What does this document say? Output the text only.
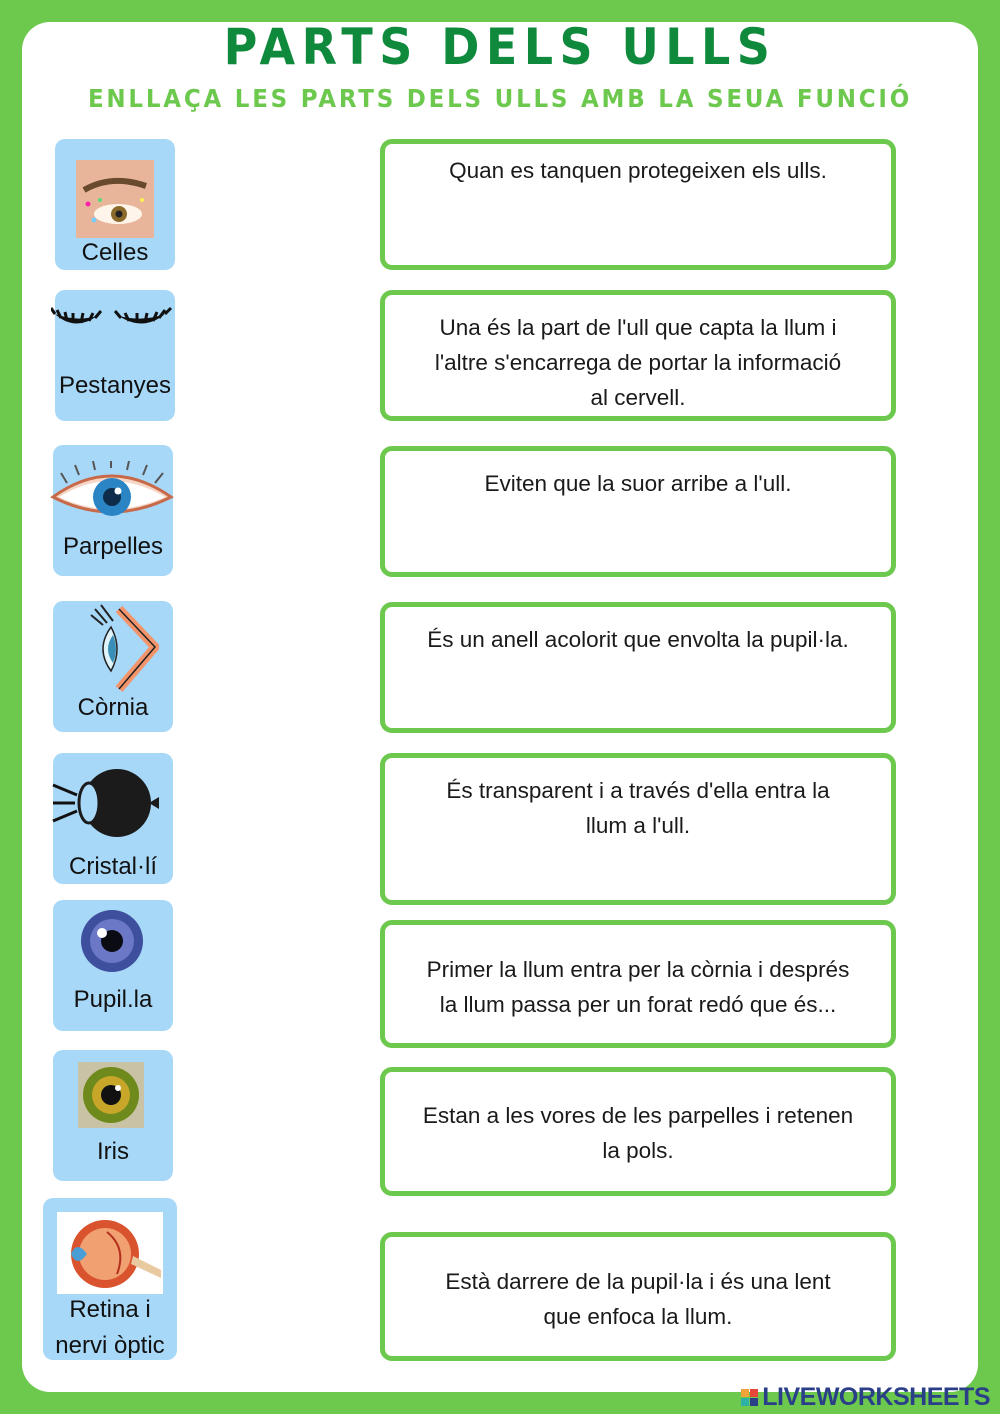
PARTS DELS ULLS
ENLLAÇA LES PARTS DELS ULLS AMB LA SEUA FUNCIÓ
Celles
Pestanyes
Parpelles
Còrnia
Cristal·lí
Pupil.la
Iris
Retina i
nervi òptic
Quan es tanquen protegeixen els ulls.
Una és la part de l'ull que capta la llum i
l'altre s'encarrega de portar la informació
al cervell.
Eviten que la suor arribe a l'ull.
És un anell acolorit que envolta la pupil·la.
És transparent i a través d'ella entra la
llum a l'ull.
Primer la llum entra per la còrnia i després
la llum passa per un forat redó que és...
Estan a les vores de les parpelles i retenen
la pols.
Està darrere de la pupil·la i és una lent
que enfoca la llum.
LIVEWORKSHEETS
